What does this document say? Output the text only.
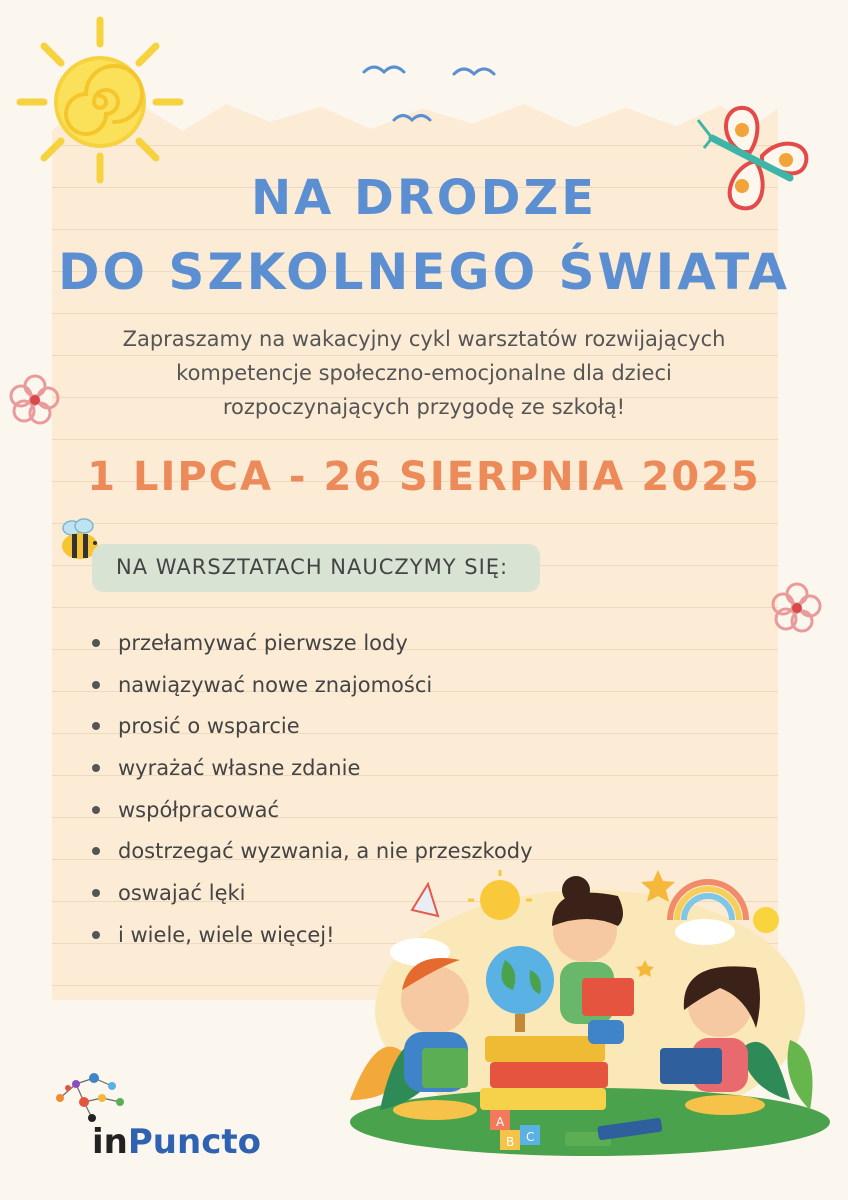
NA DRODZE
DO SZKOLNEGO ŚWIATA
Zapraszamy na wakacyjny cykl warsztatów rozwijających
kompetencje społeczno-emocjonalne dla dzieci
rozpoczynających przygodę ze szkołą!
1 LIPCA - 26 SIERPNIA 2025
NA WARSZTATACH NAUCZYMY SIĘ:
przełamywać pierwsze lody
nawiązywać nowe znajomości
prosić o wsparcie
wyrażać własne zdanie
współpracować
dostrzegać wyzwania, a nie przeszkody
oswajać lęki
i wiele, wiele więcej!
A
B C
inPuncto
